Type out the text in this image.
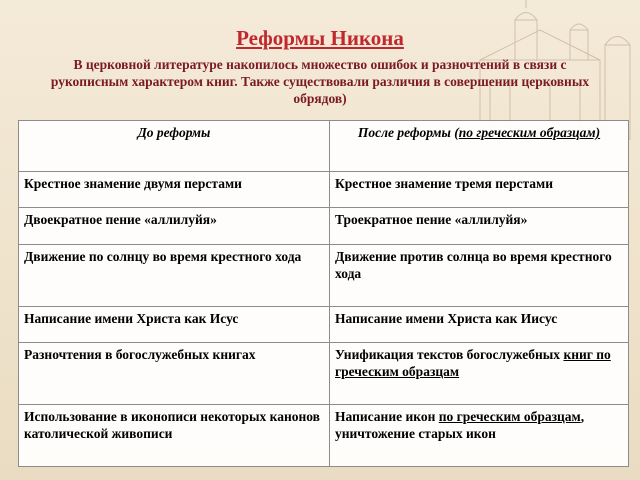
Реформы Никона
В церковной литературе накопилось множество ошибок и разночтений в связи с рукописным характером книг. Также существовали различия в совершении церковных обрядов)
До реформы	После реформы (по греческим образцам)
Крестное знамение двумя перстами	Крестное знамение тремя перстами
Двоекратное пение «аллилуйя»	Троекратное пение «аллилуйя»
Движение по солнцу во время крестного хода	Движение против солнца во время крестного хода
Написание имени Христа как Исус	Написание имени Христа как Иисус
Разночтения в богослужебных книгах	Унификация текстов богослужебных книг по греческим образцам
Использование в иконописи некоторых канонов католической живописи	Написание икон по греческим образцам, уничтожение старых икон
